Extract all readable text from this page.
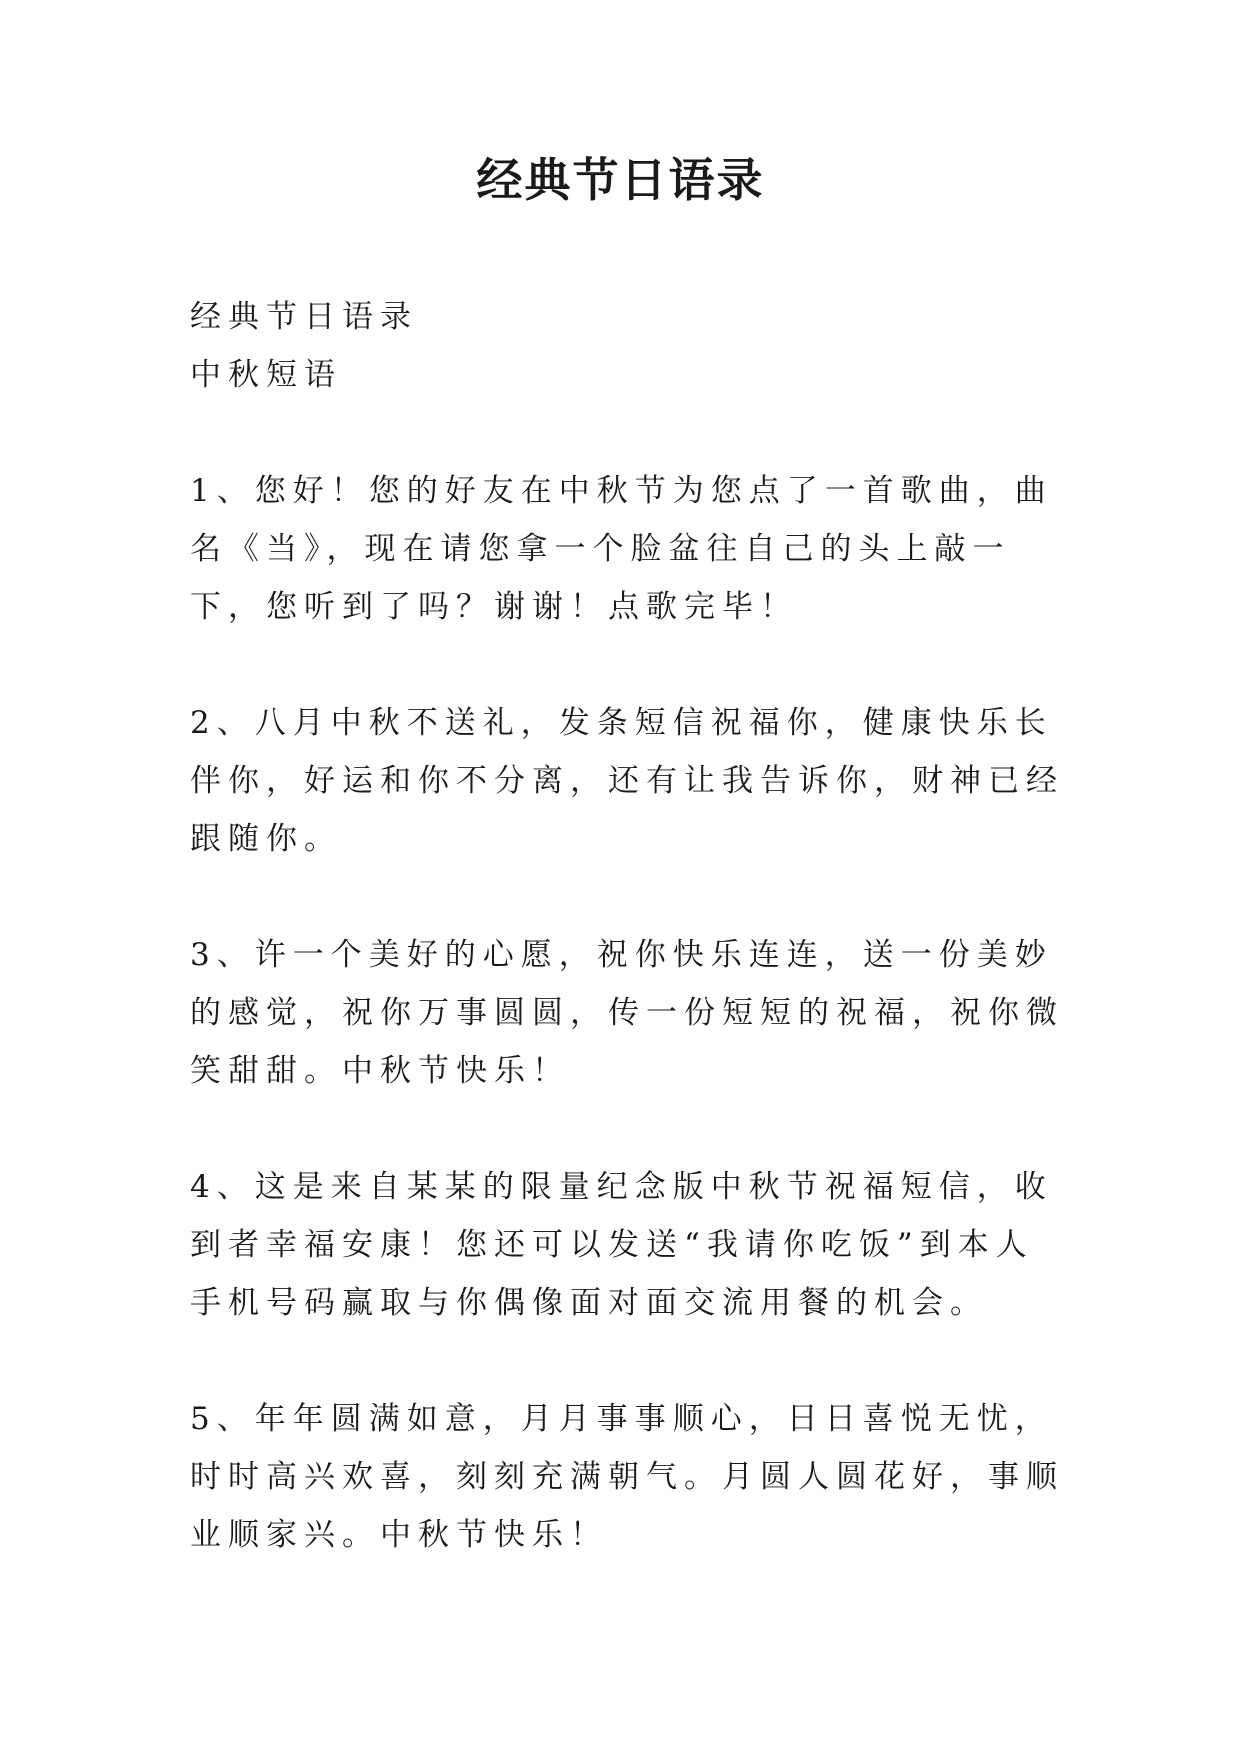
经典节日语录

经典节日语录

中秋短语

1、您好！您的好友在中秋节为您点了一首歌曲，曲名《当》，现在请您拿一个脸盆往自己的头上敲一下，您听到了吗？谢谢！点歌完毕！

2、八月中秋不送礼，发条短信祝福你，健康快乐长伴你，好运和你不分离，还有让我告诉你，财神已经跟随你。

3、许一个美好的心愿，祝你快乐连连，送一份美妙的感觉，祝你万事圆圆，传一份短短的祝福，祝你微笑甜甜。中秋节快乐！

4、这是来自某某的限量纪念版中秋节祝福短信，收到者幸福安康！您还可以发送“我请你吃饭”到本人手机号码赢取与你偶像面对面交流用餐的机会。

5、年年圆满如意，月月事事顺心，日日喜悦无忧，时时高兴欢喜，刻刻充满朝气。月圆人圆花好，事顺业顺家兴。中秋节快乐！
